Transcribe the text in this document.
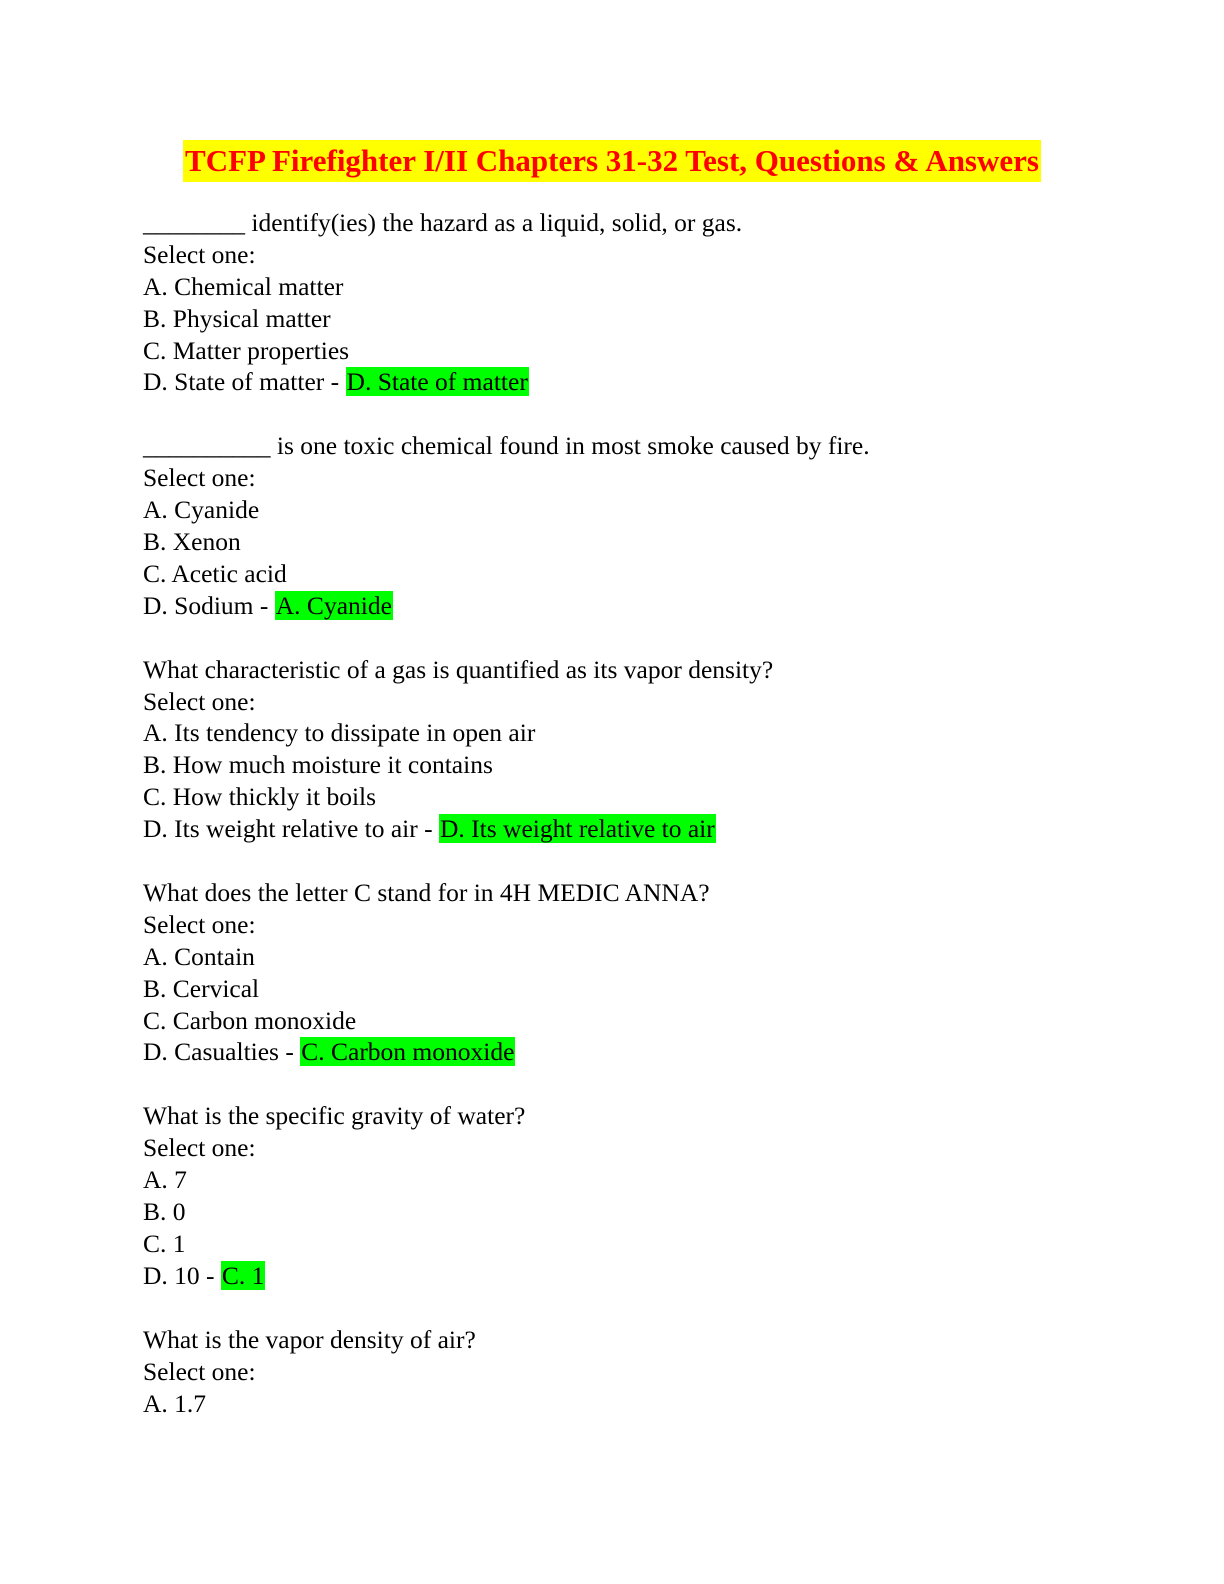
TCFP Firefighter I/II Chapters 31-32 Test, Questions & Answers
________ identify(ies) the hazard as a liquid, solid, or gas.
Select one:
A. Chemical matter
B. Physical matter
C. Matter properties
D. State of matter - D. State of matter
__________ is one toxic chemical found in most smoke caused by fire.
Select one:
A. Cyanide
B. Xenon
C. Acetic acid
D. Sodium - A. Cyanide
What characteristic of a gas is quantified as its vapor density?
Select one:
A. Its tendency to dissipate in open air
B. How much moisture it contains
C. How thickly it boils
D. Its weight relative to air - D. Its weight relative to air
What does the letter C stand for in 4H MEDIC ANNA?
Select one:
A. Contain
B. Cervical
C. Carbon monoxide
D. Casualties - C. Carbon monoxide
What is the specific gravity of water?
Select one:
A. 7
B. 0
C. 1
D. 10 - C. 1
What is the vapor density of air?
Select one:
A. 1.7
